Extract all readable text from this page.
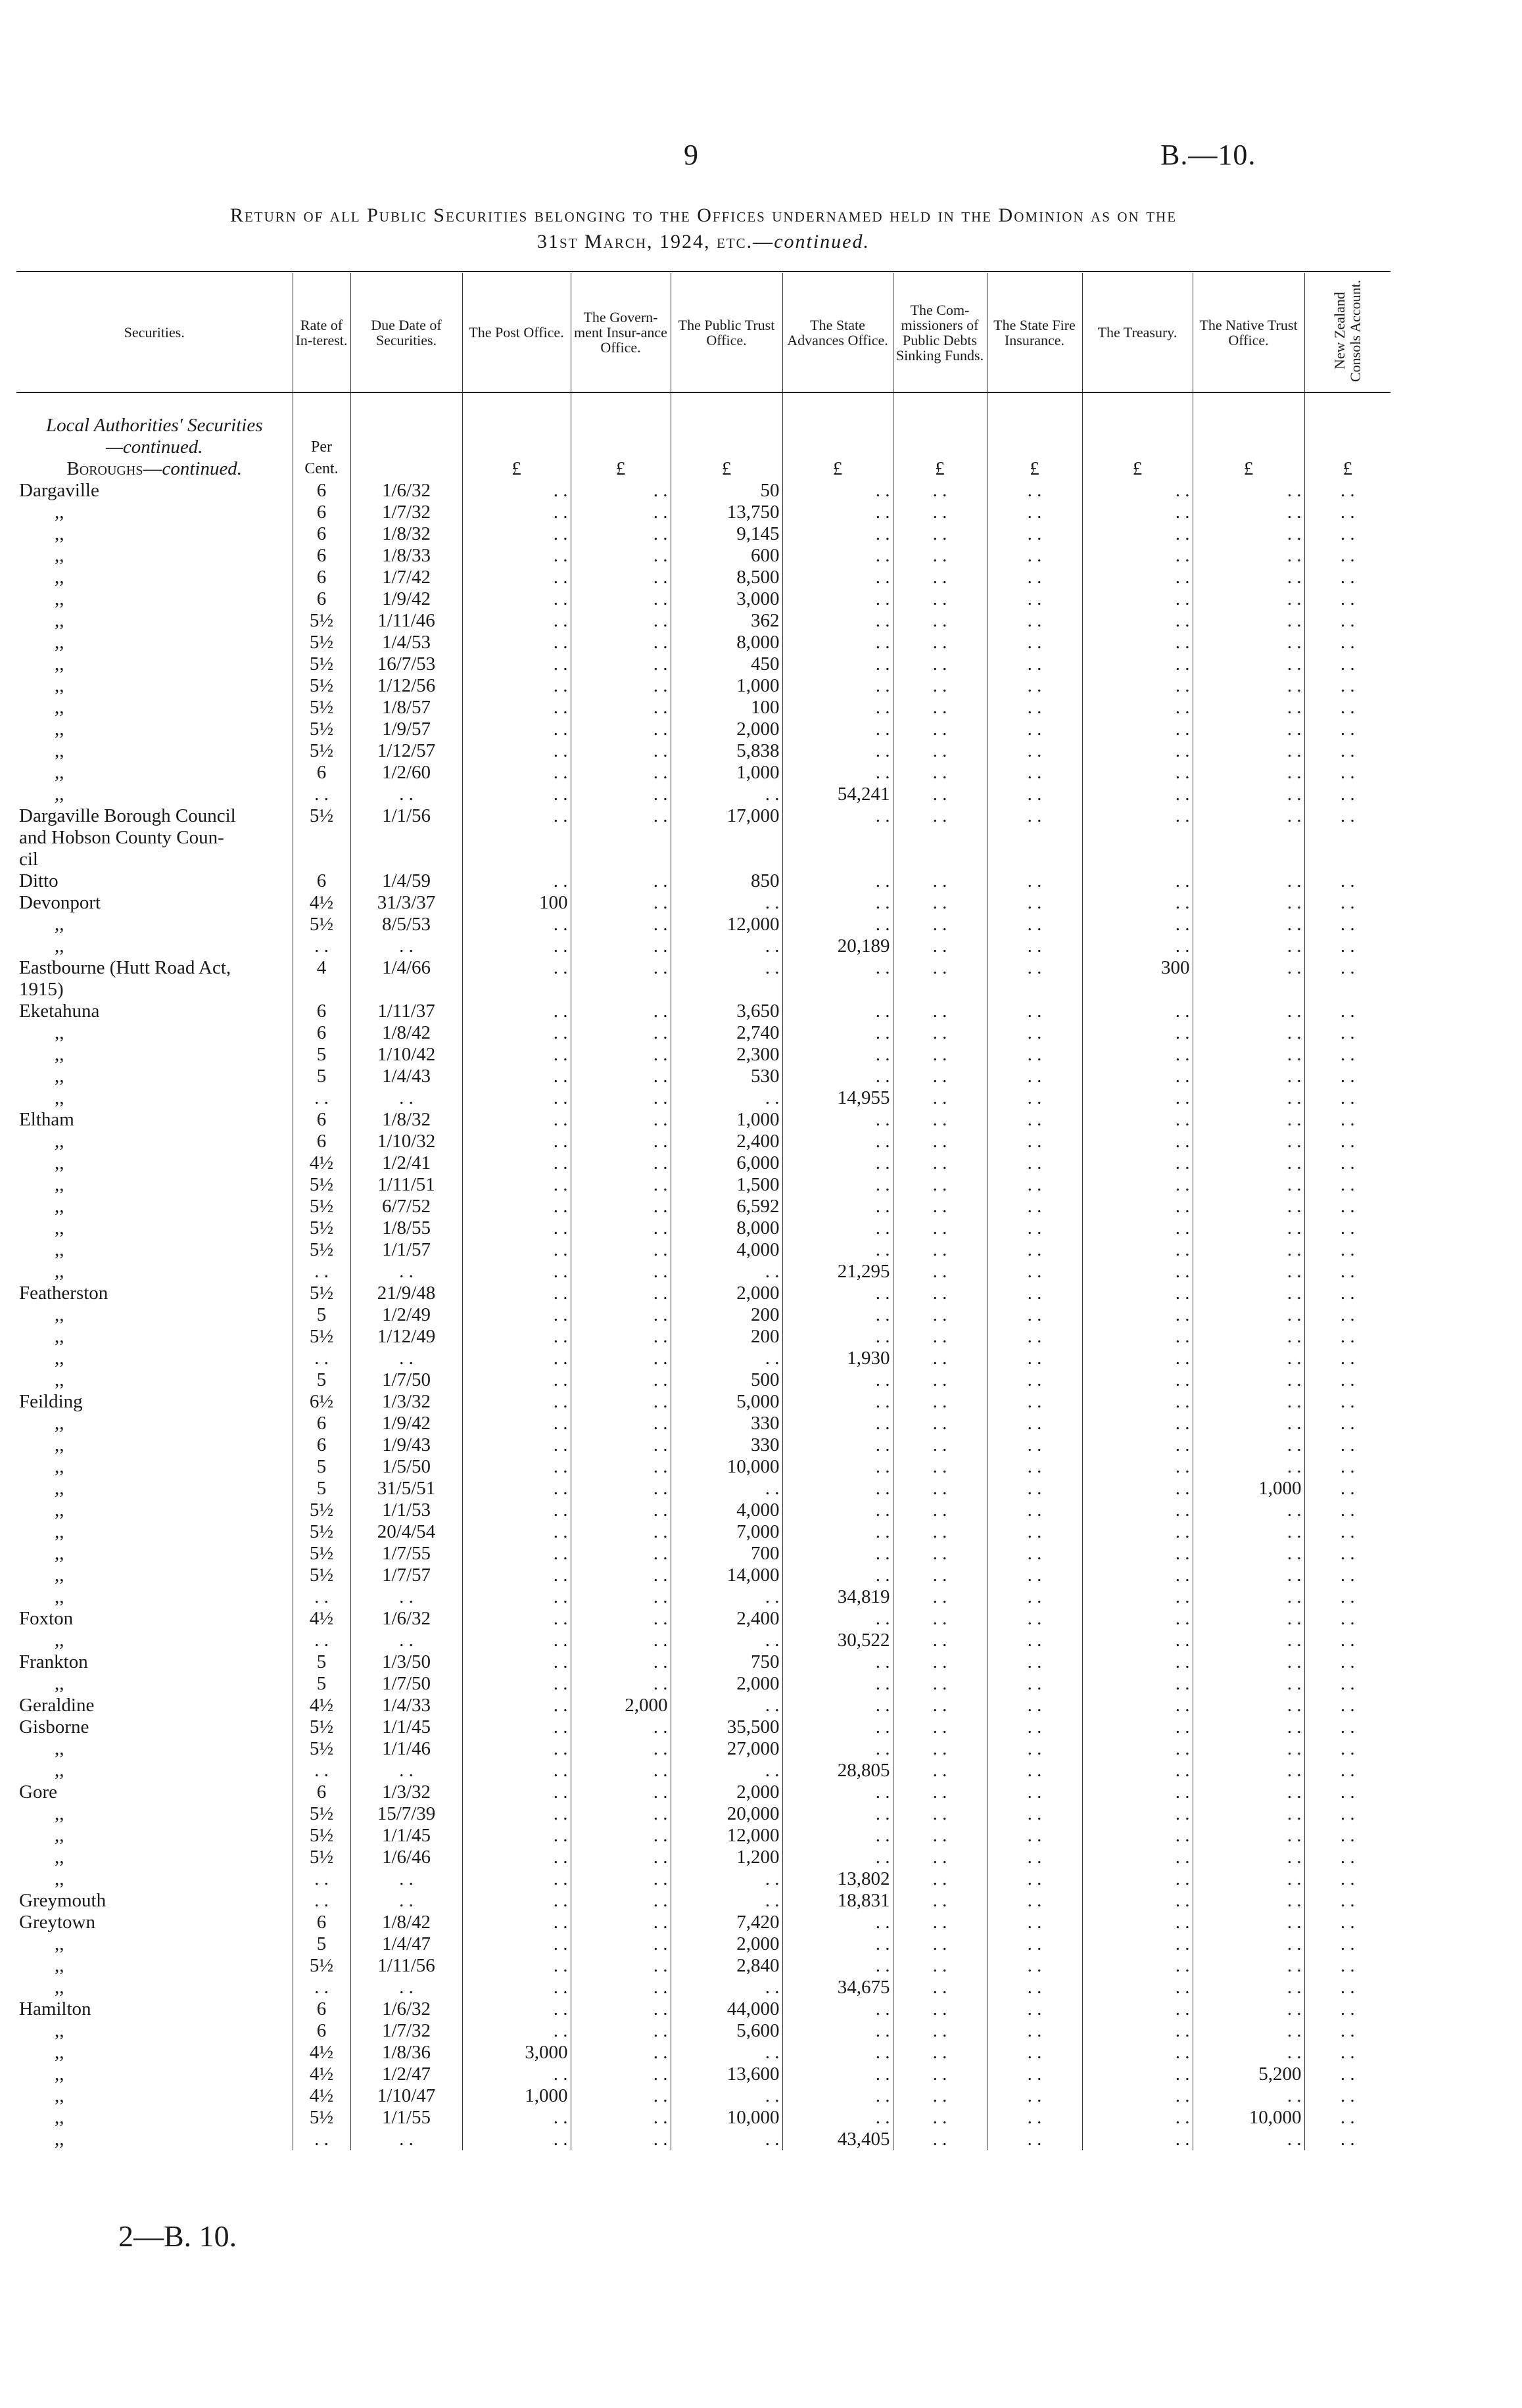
9	B.—10.
Return of all Public Securities belonging to the Offices undernamed held in the Dominion as on the
31st March, 1924, etc.—continued.
Securities.	Rate of In-terest.	Due Date of Securities.	The Post Office.	The Govern-ment Insur-ance Office.	The Public Trust Office.	The State Advances Office.	The Com-missioners of Public Debts Sinking Funds.	The State Fire Insurance.	The Treasury.	The Native Trust Office.	New Zealand Consols Account.

Local Authorities' Securities											
—continued.	Per										
Boroughs—continued.	Cent.		£	£	£	£	£	£	£	£	£
Dargaville	6	1/6/32	. .	. .	50	. .	. .	. .	. .	. .	. .
,,	6	1/7/32	. .	. .	13,750	. .	. .	. .	. .	. .	. .
,,	6	1/8/32	. .	. .	9,145	. .	. .	. .	. .	. .	. .
,,	6	1/8/33	. .	. .	600	. .	. .	. .	. .	. .	. .
,,	6	1/7/42	. .	. .	8,500	. .	. .	. .	. .	. .	. .
,,	6	1/9/42	. .	. .	3,000	. .	. .	. .	. .	. .	. .
,,	5½	1/11/46	. .	. .	362	. .	. .	. .	. .	. .	. .
,,	5½	1/4/53	. .	. .	8,000	. .	. .	. .	. .	. .	. .
,,	5½	16/7/53	. .	. .	450	. .	. .	. .	. .	. .	. .
,,	5½	1/12/56	. .	. .	1,000	. .	. .	. .	. .	. .	. .
,,	5½	1/8/57	. .	. .	100	. .	. .	. .	. .	. .	. .
,,	5½	1/9/57	. .	. .	2,000	. .	. .	. .	. .	. .	. .
,,	5½	1/12/57	. .	. .	5,838	. .	. .	. .	. .	. .	. .
,,	6	1/2/60	. .	. .	1,000	. .	. .	. .	. .	. .	. .
,,	. .	. .	. .	. .	. .	54,241	. .	. .	. .	. .	. .
Dargaville Borough Council	5½	1/1/56	. .	. .	17,000	. .	. .	. .	. .	. .	. .
and Hobson County Coun-											
cil											
Ditto	6	1/4/59	. .	. .	850	. .	. .	. .	. .	. .	. .
Devonport	4½	31/3/37	100	. .	. .	. .	. .	. .	. .	. .	. .
,,	5½	8/5/53	. .	. .	12,000	. .	. .	. .	. .	. .	. .
,,	. .	. .	. .	. .	. .	20,189	. .	. .	. .	. .	. .
Eastbourne (Hutt Road Act,	4	1/4/66	. .	. .	. .	. .	. .	. .	300	. .	. .
1915)											
Eketahuna	6	1/11/37	. .	. .	3,650	. .	. .	. .	. .	. .	. .
,,	6	1/8/42	. .	. .	2,740	. .	. .	. .	. .	. .	. .
,,	5	1/10/42	. .	. .	2,300	. .	. .	. .	. .	. .	. .
,,	5	1/4/43	. .	. .	530	. .	. .	. .	. .	. .	. .
,,	. .	. .	. .	. .	. .	14,955	. .	. .	. .	. .	. .
Eltham	6	1/8/32	. .	. .	1,000	. .	. .	. .	. .	. .	. .
,,	6	1/10/32	. .	. .	2,400	. .	. .	. .	. .	. .	. .
,,	4½	1/2/41	. .	. .	6,000	. .	. .	. .	. .	. .	. .
,,	5½	1/11/51	. .	. .	1,500	. .	. .	. .	. .	. .	. .
,,	5½	6/7/52	. .	. .	6,592	. .	. .	. .	. .	. .	. .
,,	5½	1/8/55	. .	. .	8,000	. .	. .	. .	. .	. .	. .
,,	5½	1/1/57	. .	. .	4,000	. .	. .	. .	. .	. .	. .
,,	. .	. .	. .	. .	. .	21,295	. .	. .	. .	. .	. .
Featherston	5½	21/9/48	. .	. .	2,000	. .	. .	. .	. .	. .	. .
,,	5	1/2/49	. .	. .	200	. .	. .	. .	. .	. .	. .
,,	5½	1/12/49	. .	. .	200	. .	. .	. .	. .	. .	. .
,,	. .	. .	. .	. .	. .	1,930	. .	. .	. .	. .	. .
,,	5	1/7/50	. .	. .	500	. .	. .	. .	. .	. .	. .
Feilding	6½	1/3/32	. .	. .	5,000	. .	. .	. .	. .	. .	. .
,,	6	1/9/42	. .	. .	330	. .	. .	. .	. .	. .	. .
,,	6	1/9/43	. .	. .	330	. .	. .	. .	. .	. .	. .
,,	5	1/5/50	. .	. .	10,000	. .	. .	. .	. .	. .	. .
,,	5	31/5/51	. .	. .	. .	. .	. .	. .	. .	1,000	. .
,,	5½	1/1/53	. .	. .	4,000	. .	. .	. .	. .	. .	. .
,,	5½	20/4/54	. .	. .	7,000	. .	. .	. .	. .	. .	. .
,,	5½	1/7/55	. .	. .	700	. .	. .	. .	. .	. .	. .
,,	5½	1/7/57	. .	. .	14,000	. .	. .	. .	. .	. .	. .
,,	. .	. .	. .	. .	. .	34,819	. .	. .	. .	. .	. .
Foxton	4½	1/6/32	. .	. .	2,400	. .	. .	. .	. .	. .	. .
,,	. .	. .	. .	. .	. .	30,522	. .	. .	. .	. .	. .
Frankton	5	1/3/50	. .	. .	750	. .	. .	. .	. .	. .	. .
,,	5	1/7/50	. .	. .	2,000	. .	. .	. .	. .	. .	. .
Geraldine	4½	1/4/33	. .	2,000	. .	. .	. .	. .	. .	. .	. .
Gisborne	5½	1/1/45	. .	. .	35,500	. .	. .	. .	. .	. .	. .
,,	5½	1/1/46	. .	. .	27,000	. .	. .	. .	. .	. .	. .
,,	. .	. .	. .	. .	. .	28,805	. .	. .	. .	. .	. .
Gore	6	1/3/32	. .	. .	2,000	. .	. .	. .	. .	. .	. .
,,	5½	15/7/39	. .	. .	20,000	. .	. .	. .	. .	. .	. .
,,	5½	1/1/45	. .	. .	12,000	. .	. .	. .	. .	. .	. .
,,	5½	1/6/46	. .	. .	1,200	. .	. .	. .	. .	. .	. .
,,	. .	. .	. .	. .	. .	13,802	. .	. .	. .	. .	. .
Greymouth	. .	. .	. .	. .	. .	18,831	. .	. .	. .	. .	. .
Greytown	6	1/8/42	. .	. .	7,420	. .	. .	. .	. .	. .	. .
,,	5	1/4/47	. .	. .	2,000	. .	. .	. .	. .	. .	. .
,,	5½	1/11/56	. .	. .	2,840	. .	. .	. .	. .	. .	. .
,,	. .	. .	. .	. .	. .	34,675	. .	. .	. .	. .	. .
Hamilton	6	1/6/32	. .	. .	44,000	. .	. .	. .	. .	. .	. .
,,	6	1/7/32	. .	. .	5,600	. .	. .	. .	. .	. .	. .
,,	4½	1/8/36	3,000	. .	. .	. .	. .	. .	. .	. .	. .
,,	4½	1/2/47	. .	. .	13,600	. .	. .	. .	. .	5,200	. .
,,	4½	1/10/47	1,000	. .	. .	. .	. .	. .	. .	. .	. .
,,	5½	1/1/55	. .	. .	10,000	. .	. .	. .	. .	10,000	. .
,,	. .	. .	. .	. .	. .	43,405	. .	. .	. .	. .	. .
2—B. 10.
